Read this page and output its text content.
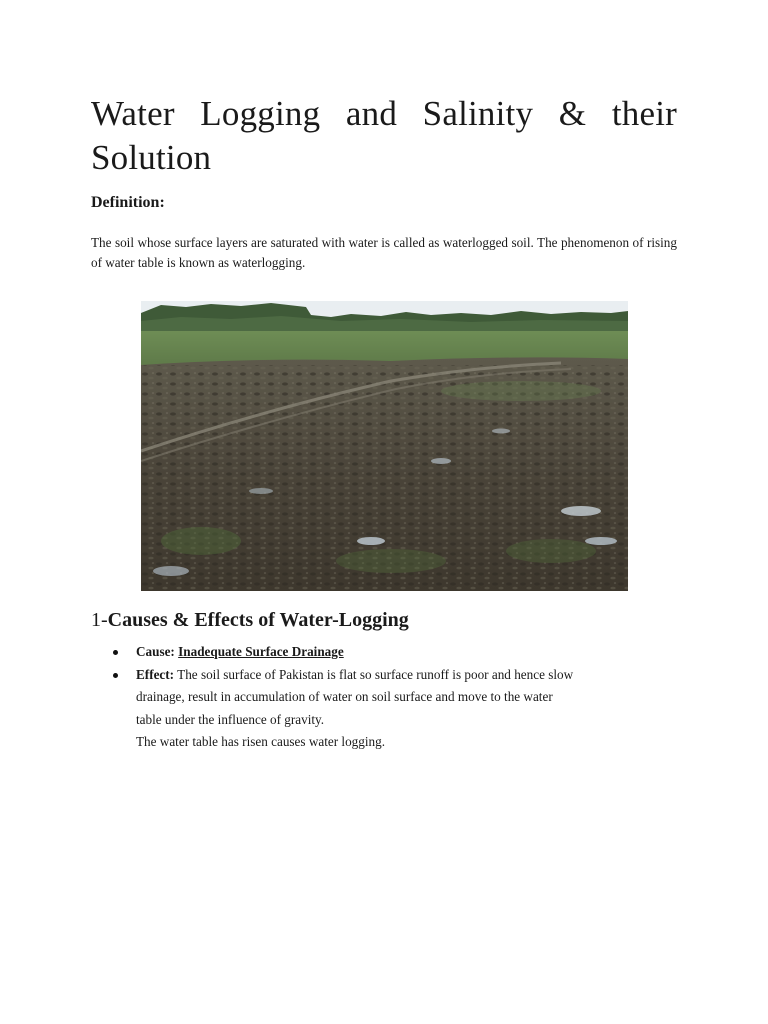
Water Logging and Salinity & their Solution
Definition:

The soil whose surface layers are saturated with water is called as waterlogged soil. The phenomenon of rising of water table is known as waterlogging.

1-Causes & Effects of Water-Logging
Cause: Inadequate Surface Drainage
Effect: The soil surface of Pakistan is flat so surface runoff is poor and hence slow
drainage, result in accumulation of water on soil surface and move to the water
table under the influence of gravity.
The water table has risen causes water logging.
